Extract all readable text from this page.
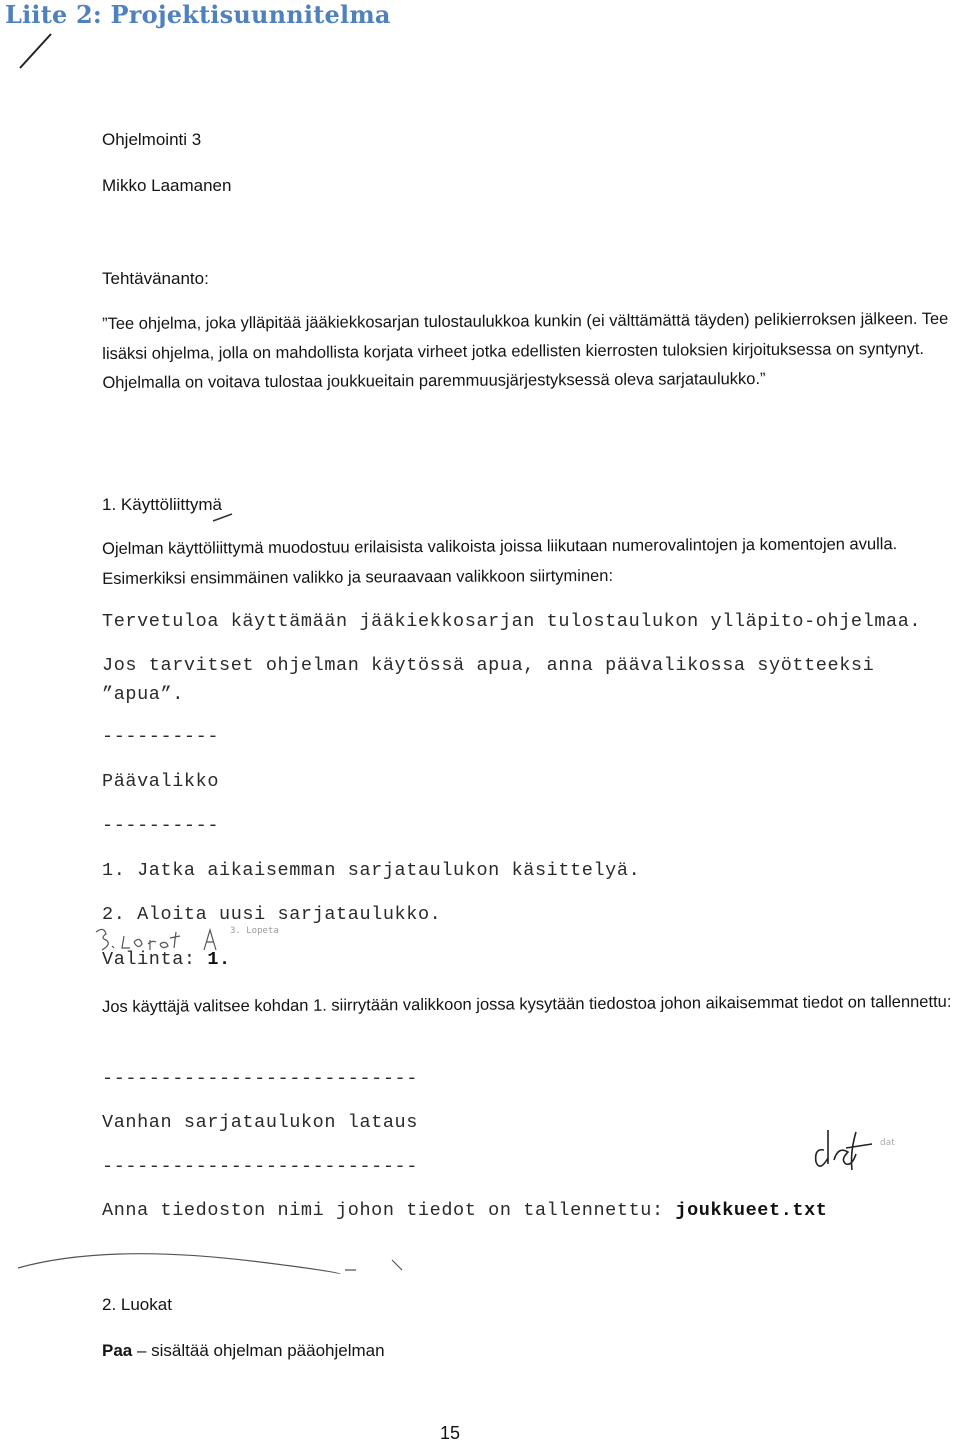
Liite 2: Projektisuunnitelma
Ohjelmointi 3
Mikko Laamanen
Tehtävänanto:
”Tee ohjelma, joka ylläpitää jääkiekkosarjan tulostaulukkoa kunkin (ei välttämättä täyden) pelikierroksen jälkeen. Tee lisäksi ohjelma, jolla on mahdollista korjata virheet jotka edellisten kierrosten tuloksien kirjoituksessa on syntynyt. Ohjelmalla on voitava tulostaa joukkueitain paremmuusjärjestyksessä oleva sarjataulukko.”
1. Käyttöliittymä
Ojelman käyttöliittymä muodostuu erilaisista valikoista joissa liikutaan numerovalintojen ja komentojen avulla. Esimerkiksi ensimmäinen valikko ja seuraavaan valikkoon siirtyminen:
Tervetuloa käyttämään jääkiekkosarjan tulostaulukon ylläpito-ohjelmaa.
Jos tarvitset ohjelman käytössä apua, anna päävalikossa syötteeksi
”apua”.
----------
Päävalikko
----------
1. Jatka aikaisemman sarjataulukon käsittelyä.
2. Aloita uusi sarjataulukko.
3. Lopeta
Valinta: 1.
Jos käyttäjä valitsee kohdan 1. siirrytään valikkoon jossa kysytään tiedostoa johon aikaisemmat tiedot on tallennettu:
---------------------------
Vanhan sarjataulukon lataus
---------------------------
Anna tiedoston nimi johon tiedot on tallennettu: joukkueet.txt
dat
2. Luokat
Paa – sisältää ohjelman pääohjelman
15
